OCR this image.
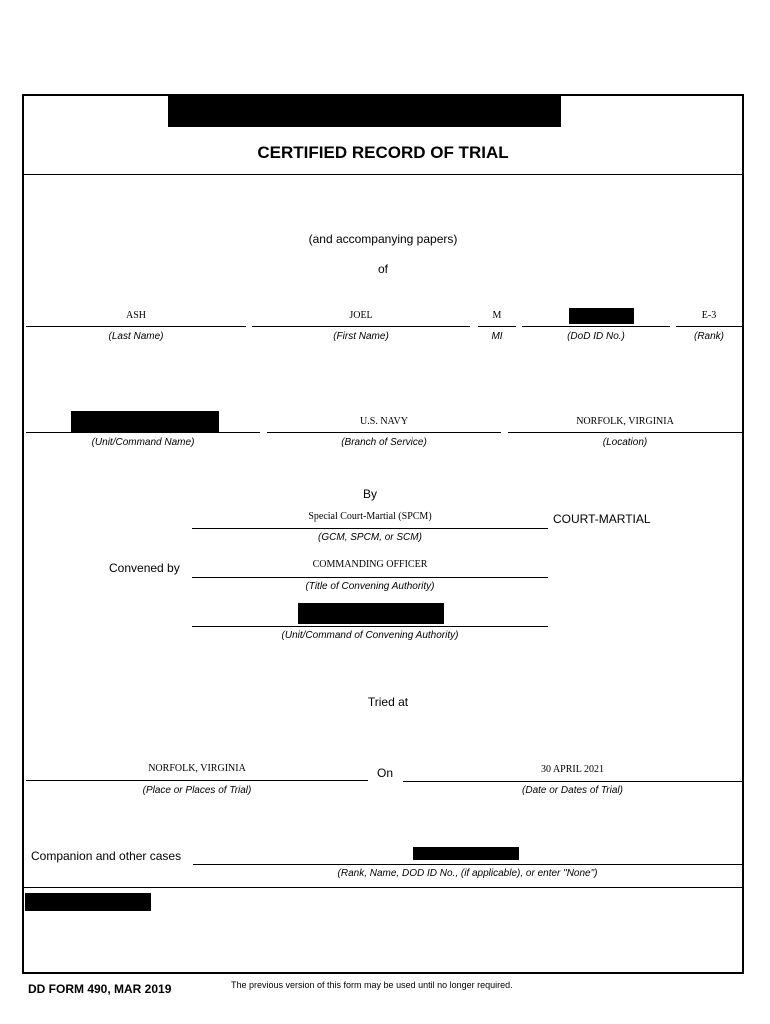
CERTIFIED RECORD OF TRIAL
(and accompanying papers)
of
ASH
(Last Name)
JOEL
(First Name)
M
MI	(DoD ID No.)
E-3
(Rank)
(Unit/Command Name)
U.S. NAVY
(Branch of Service)
NORFOLK, VIRGINIA
(Location)
By
Special Court-Martial (SPCM)
(GCM, SPCM, or SCM)
COURT-MARTIAL
Convened by	COMMANDING OFFICER
(Title of Convening Authority)
(Unit/Command of Convening Authority)
Tried at
NORFOLK, VIRGINIA
(Place or Places of Trial)
On	30 APRIL 2021
(Date or Dates of Trial)
Companion and other cases
(Rank, Name, DOD ID No., (if applicable), or enter "None")
DD FORM 490, MAR 2019	The previous version of this form may be used until no longer required.
